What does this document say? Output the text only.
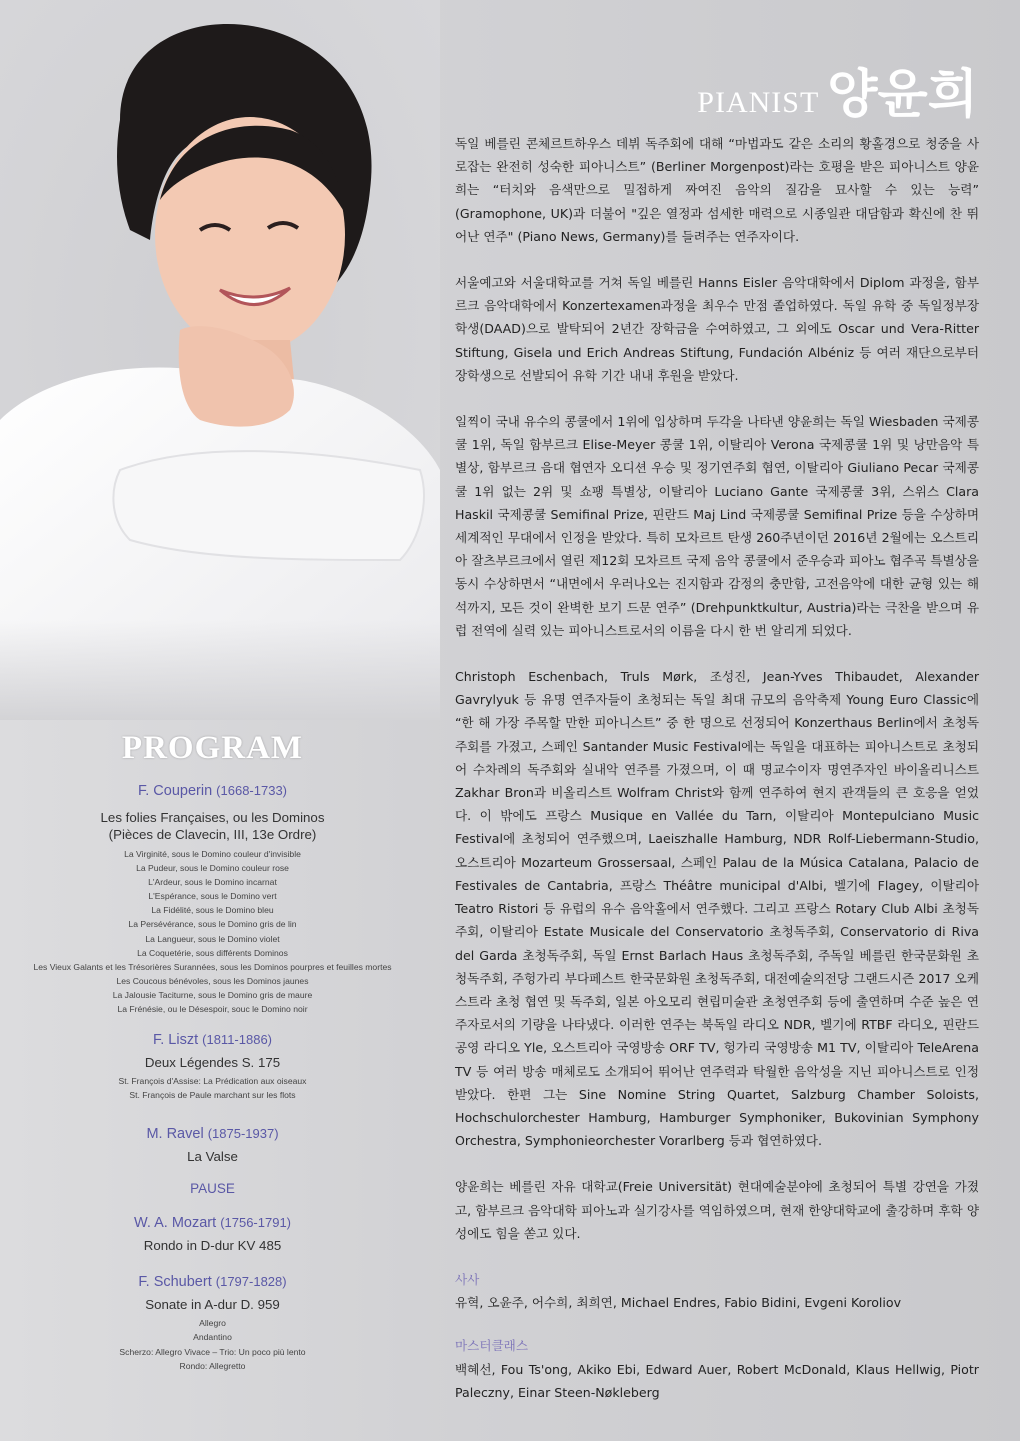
PIANIST 양윤희

독일 베를린 콘체르트하우스 데뷔 독주회에 대해 “마법과도 같은 소리의 황홀경으로 청중을 사로잡는 완전히 성숙한 피아니스트” (Berliner Morgenpost)라는 호평을 받은 피아니스트 양윤희는 “터치와 음색만으로 밀접하게 짜여진 음악의 질감을 묘사할 수 있는 능력” (Gramophone, UK)과 더불어 "깊은 열정과 섬세한 매력으로 시종일관 대담함과 확신에 찬 뛰어난 연주" (Piano News, Germany)를 들려주는 연주자이다.

서울예고와 서울대학교를 거쳐 독일 베를린 Hanns Eisler 음악대학에서 Diplom 과정을, 함부르크 음악대학에서 Konzertexamen과정을 최우수 만점 졸업하였다. 독일 유학 중 독일정부장학생(DAAD)으로 발탁되어 2년간 장학금을 수여하였고, 그 외에도 Oscar und Vera-Ritter Stiftung, Gisela und Erich Andreas Stiftung, Fundación Albéniz 등 여러 재단으로부터 장학생으로 선발되어 유학 기간 내내 후원을 받았다.

일찍이 국내 유수의 콩쿨에서 1위에 입상하며 두각을 나타낸 양윤희는 독일 Wiesbaden 국제콩쿨 1위, 독일 함부르크 Elise-Meyer 콩쿨 1위, 이탈리아 Verona 국제콩쿨 1위 및 낭만음악 특별상, 함부르크 음대 협연자 오디션 우승 및 정기연주회 협연, 이탈리아 Giuliano Pecar 국제콩쿨 1위 없는 2위 및 쇼팽 특별상, 이탈리아 Luciano Gante 국제콩쿨 3위, 스위스 Clara Haskil 국제콩쿨 Semifinal Prize, 핀란드 Maj Lind 국제콩쿨 Semifinal Prize 등을 수상하며 세계적인 무대에서 인정을 받았다. 특히 모차르트 탄생 260주년이던 2016년 2월에는 오스트리아 잘츠부르크에서 열린 제12회 모차르트 국제 음악 콩쿨에서 준우승과 피아노 협주곡 특별상을 동시 수상하면서 “내면에서 우러나오는 진지함과 감정의 충만함, 고전음악에 대한 균형 있는 해석까지, 모든 것이 완벽한 보기 드문 연주” (Drehpunktkultur, Austria)라는 극찬을 받으며 유럽 전역에 실력 있는 피아니스트로서의 이름을 다시 한 번 알리게 되었다.

Christoph Eschenbach, Truls Mørk, 조성진, Jean-Yves Thibaudet, Alexander Gavrylyuk 등 유명 연주자들이 초청되는 독일 최대 규모의 음악축제 Young Euro Classic에 “한 해 가장 주목할 만한 피아니스트” 중 한 명으로 선정되어 Konzerthaus Berlin에서 초청독주회를 가졌고, 스페인 Santander Music Festival에는 독일을 대표하는 피아니스트로 초청되어 수차례의 독주회와 실내악 연주를 가졌으며, 이 때 명교수이자 명연주자인 바이올리니스트 Zakhar Bron과 비올리스트 Wolfram Christ와 함께 연주하여 현지 관객들의 큰 호응을 얻었다. 이 밖에도 프랑스 Musique en Vallée du Tarn, 이탈리아 Montepulciano Music Festival에 초청되어 연주했으며, Laeiszhalle Hamburg, NDR Rolf-Liebermann-Studio, 오스트리아 Mozarteum Grossersaal, 스페인 Palau de la Música Catalana, Palacio de Festivales de Cantabria, 프랑스 Théâtre municipal d'Albi, 벨기에 Flagey, 이탈리아 Teatro Ristori 등 유럽의 유수 음악홀에서 연주했다. 그리고 프랑스 Rotary Club Albi 초청독주회, 이탈리아 Estate Musicale del Conservatorio 초청독주회, Conservatorio di Riva del Garda 초청독주회, 독일 Ernst Barlach Haus 초청독주회, 주독일 베를린 한국문화원 초청독주회, 주헝가리 부다페스트 한국문화원 초청독주회, 대전예술의전당 그랜드시즌 2017 오케스트라 초청 협연 및 독주회, 일본 아오모리 현립미술관 초청연주회 등에 출연하며 수준 높은 연주자로서의 기량을 나타냈다. 이러한 연주는 북독일 라디오 NDR, 벨기에 RTBF 라디오, 핀란드 공영 라디오 Yle, 오스트리아 국영방송 ORF TV, 헝가리 국영방송 M1 TV, 이탈리아 TeleArena TV 등 여러 방송 매체로도 소개되어 뛰어난 연주력과 탁월한 음악성을 지닌 피아니스트로 인정받았다. 한편 그는 Sine Nomine String Quartet, Salzburg Chamber Soloists, Hochschulorchester Hamburg, Hamburger Symphoniker, Bukovinian Symphony Orchestra, Symphonieorchester Vorarlberg 등과 협연하였다.

양윤희는 베를린 자유 대학교(Freie Universität) 현대예술분야에 초청되어 특별 강연을 가졌고, 함부르크 음악대학 피아노과 실기강사를 역임하였으며, 현재 한양대학교에 출강하며 후학 양성에도 힘을 쏟고 있다.

사사

유혁, 오윤주, 어수희, 최희연, Michael Endres, Fabio Bidini, Evgeni Koroliov

마스터클래스

백혜선, Fou Ts'ong, Akiko Ebi, Edward Auer, Robert McDonald, Klaus Hellwig, Piotr Paleczny, Einar Steen-Nøkleberg

PROGRAM

F. Couperin (1668-1733)

Les folies Françaises, ou les Dominos

(Pièces de Clavecin, III, 13e Ordre)

La Virginité, sous le Domino couleur d'invisible

La Pudeur, sous le Domino couleur rose

L'Ardeur, sous le Domino incarnat

L'Espérance, sous le Domino vert

La Fidélité, sous le Domino bleu

La Persévérance, sous le Domino gris de lin

La Langueur, sous le Domino violet

La Coquetérie, sous différents Dominos

Les Vieux Galants et les Trésorières Surannées, sous les Dominos pourpres et feuilles mortes

Les Coucous bénévoles, sous les Dominos jaunes

La Jalousie Taciturne, sous le Domino gris de maure

La Frénésie, ou le Désespoir, souc le Domino noir

F. Liszt (1811-1886)

Deux Légendes S. 175

St. François d'Assise: La Prédication aux oiseaux

St. François de Paule marchant sur les flots

M. Ravel (1875-1937)

La Valse

PAUSE

W. A. Mozart (1756-1791)

Rondo in D-dur KV 485

F. Schubert (1797-1828)

Sonate in A-dur D. 959

Allegro

Andantino

Scherzo: Allegro Vivace – Trio: Un poco più lento

Rondo: Allegretto
